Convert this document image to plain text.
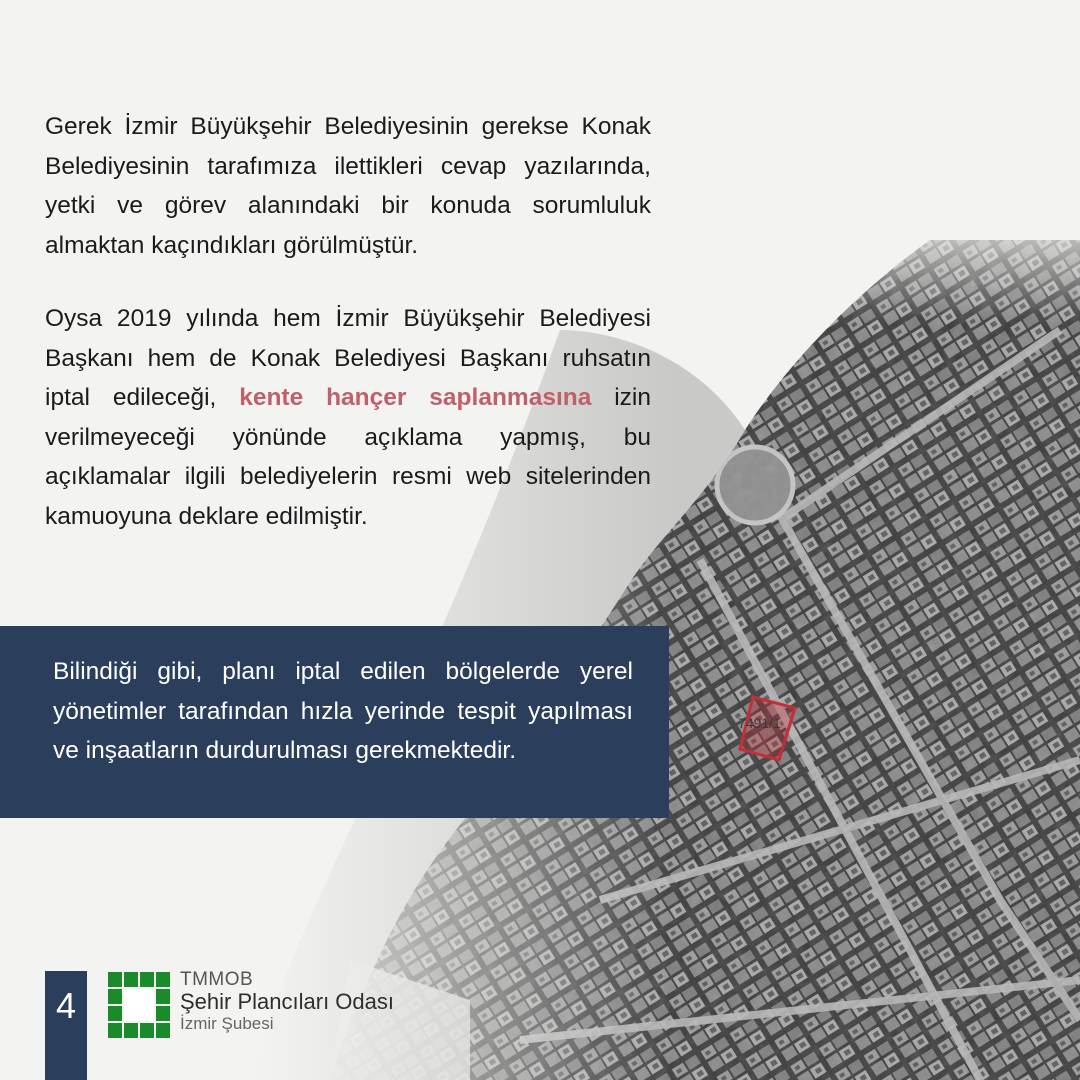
7491/1

Gerek İzmir Büyükşehir Belediyesinin gerekse Konak Belediyesinin tarafımıza ilettikleri cevap yazılarında, yetki ve görev alanındaki bir konuda sorumluluk almaktan kaçındıkları görülmüştür.

Oysa 2019 yılında hem İzmir Büyükşehir Belediyesi Başkanı hem de Konak Belediyesi Başkanı ruhsatın iptal edileceği, kente hançer saplanmasına izin verilmeyeceği yönünde açıklama yapmış, bu açıklamalar ilgili belediyelerin resmi web sitelerinden kamuoyuna deklare edilmiştir.

Bilindiği gibi, planı iptal edilen bölgelerde yerel yönetimler tarafından hızla yerinde tespit yapılması ve inşaatların durdurulması gerekmektedir.

4
TMMOB
Şehir Plancıları Odası
İzmir Şubesi
